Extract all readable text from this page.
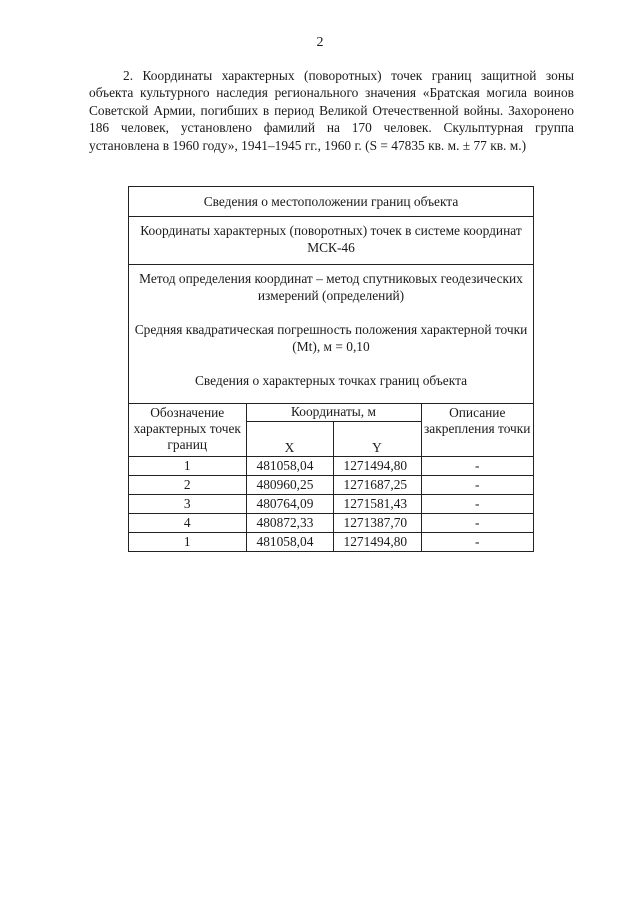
2

2. Координаты характерных (поворотных) точек границ защитной зоны объекта культурного наследия регионального значения «Братская могила воинов Советской Армии, погибших в период Великой Отечественной войны. Захоронено 186 человек, установлено фамилий на 170 человек. Скульптурная группа установлена в 1960 году», 1941–1945 гг., 1960 г. (S = 47835 кв. м. ± 77 кв. м.)

Сведения о местоположении границ объекта
Координаты характерных (поворотных) точек в системе координат МСК-46
Метод определения координат – метод спутниковых геодезических измерений (определений)
Средняя квадратическая погрешность положения характерной точки (Mt), м = 0,10
Сведения о характерных точках границ объекта
Обозначение характерных точек границ	Координаты, м		Описание закрепления точки
	X	Y	
1	481058,04	1271494,80	-
2	480960,25	1271687,25	-
3	480764,09	1271581,43	-
4	480872,33	1271387,70	-
1	481058,04	1271494,80	-
